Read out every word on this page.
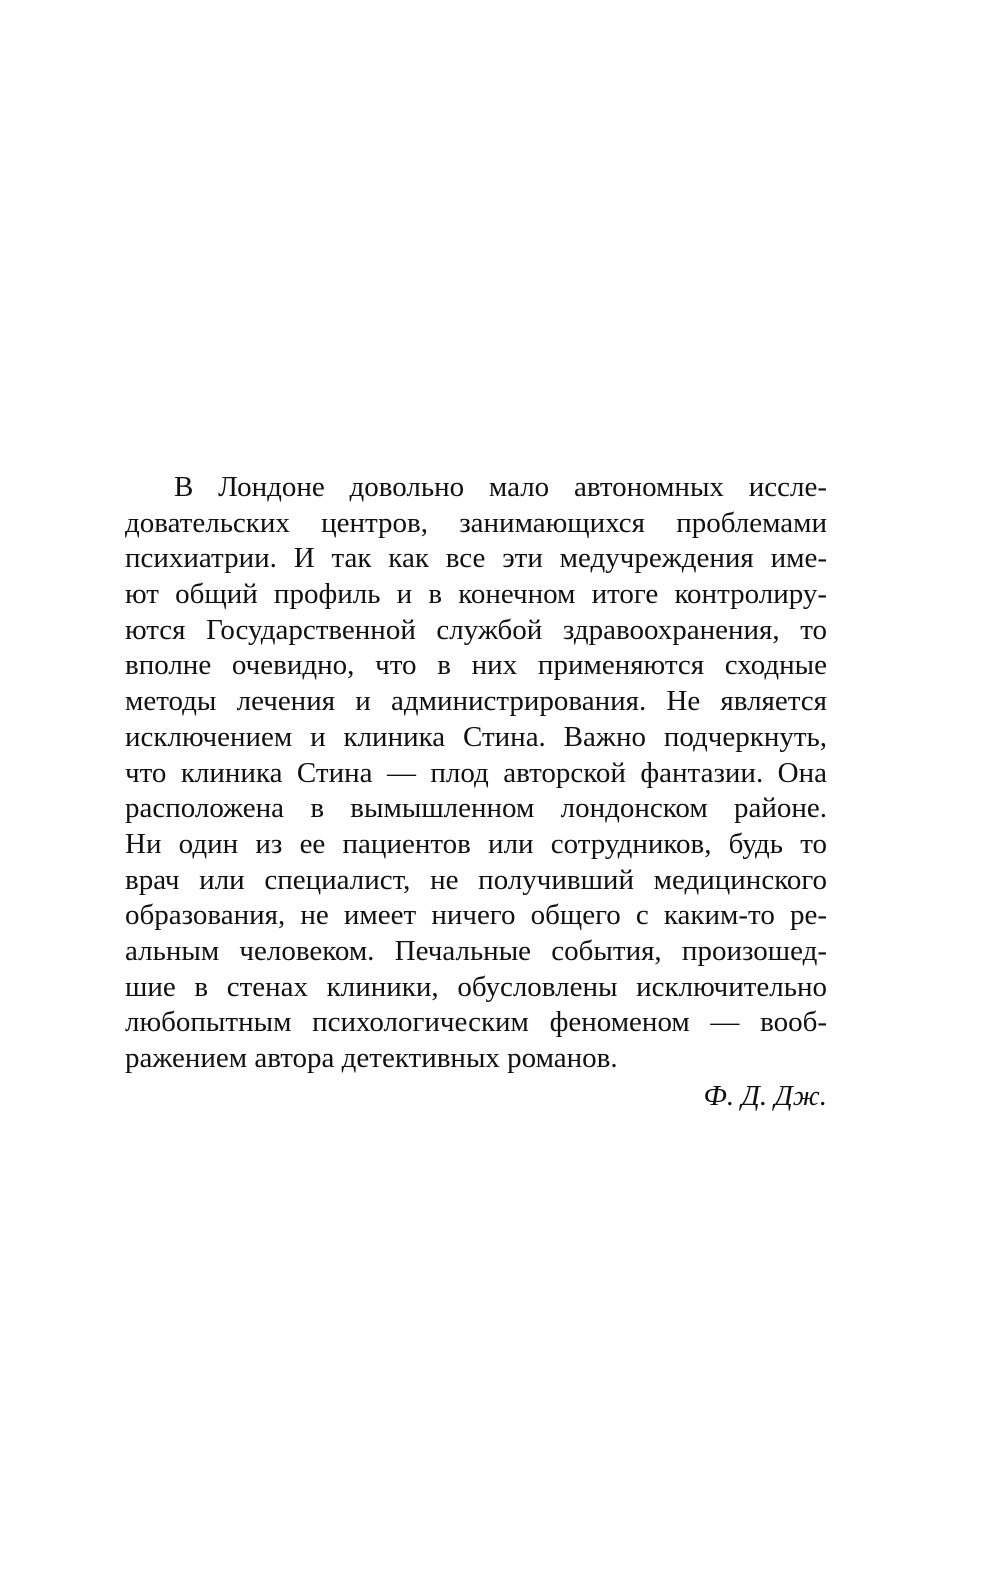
В Лондоне довольно мало автономных иссле-
довательских центров, занимающихся проблемами
психиатрии. И так как все эти медучреждения име-
ют общий профиль и в конечном итоге контролиру-
ются Государственной службой здравоохранения, то
вполне очевидно, что в них применяются сходные
методы лечения и администрирования. Не является
исключением и клиника Стина. Важно подчеркнуть,
что клиника Стина — плод авторской фантазии. Она
расположена в вымышленном лондонском районе.
Ни один из ее пациентов или сотрудников, будь то
врач или специалист, не получивший медицинского
образования, не имеет ничего общего с каким-то ре-
альным человеком. Печальные события, произошед-
шие в стенах клиники, обусловлены исключительно
любопытным психологическим феноменом — вооб-
ражением автора детективных романов.
Ф. Д. Дж.
